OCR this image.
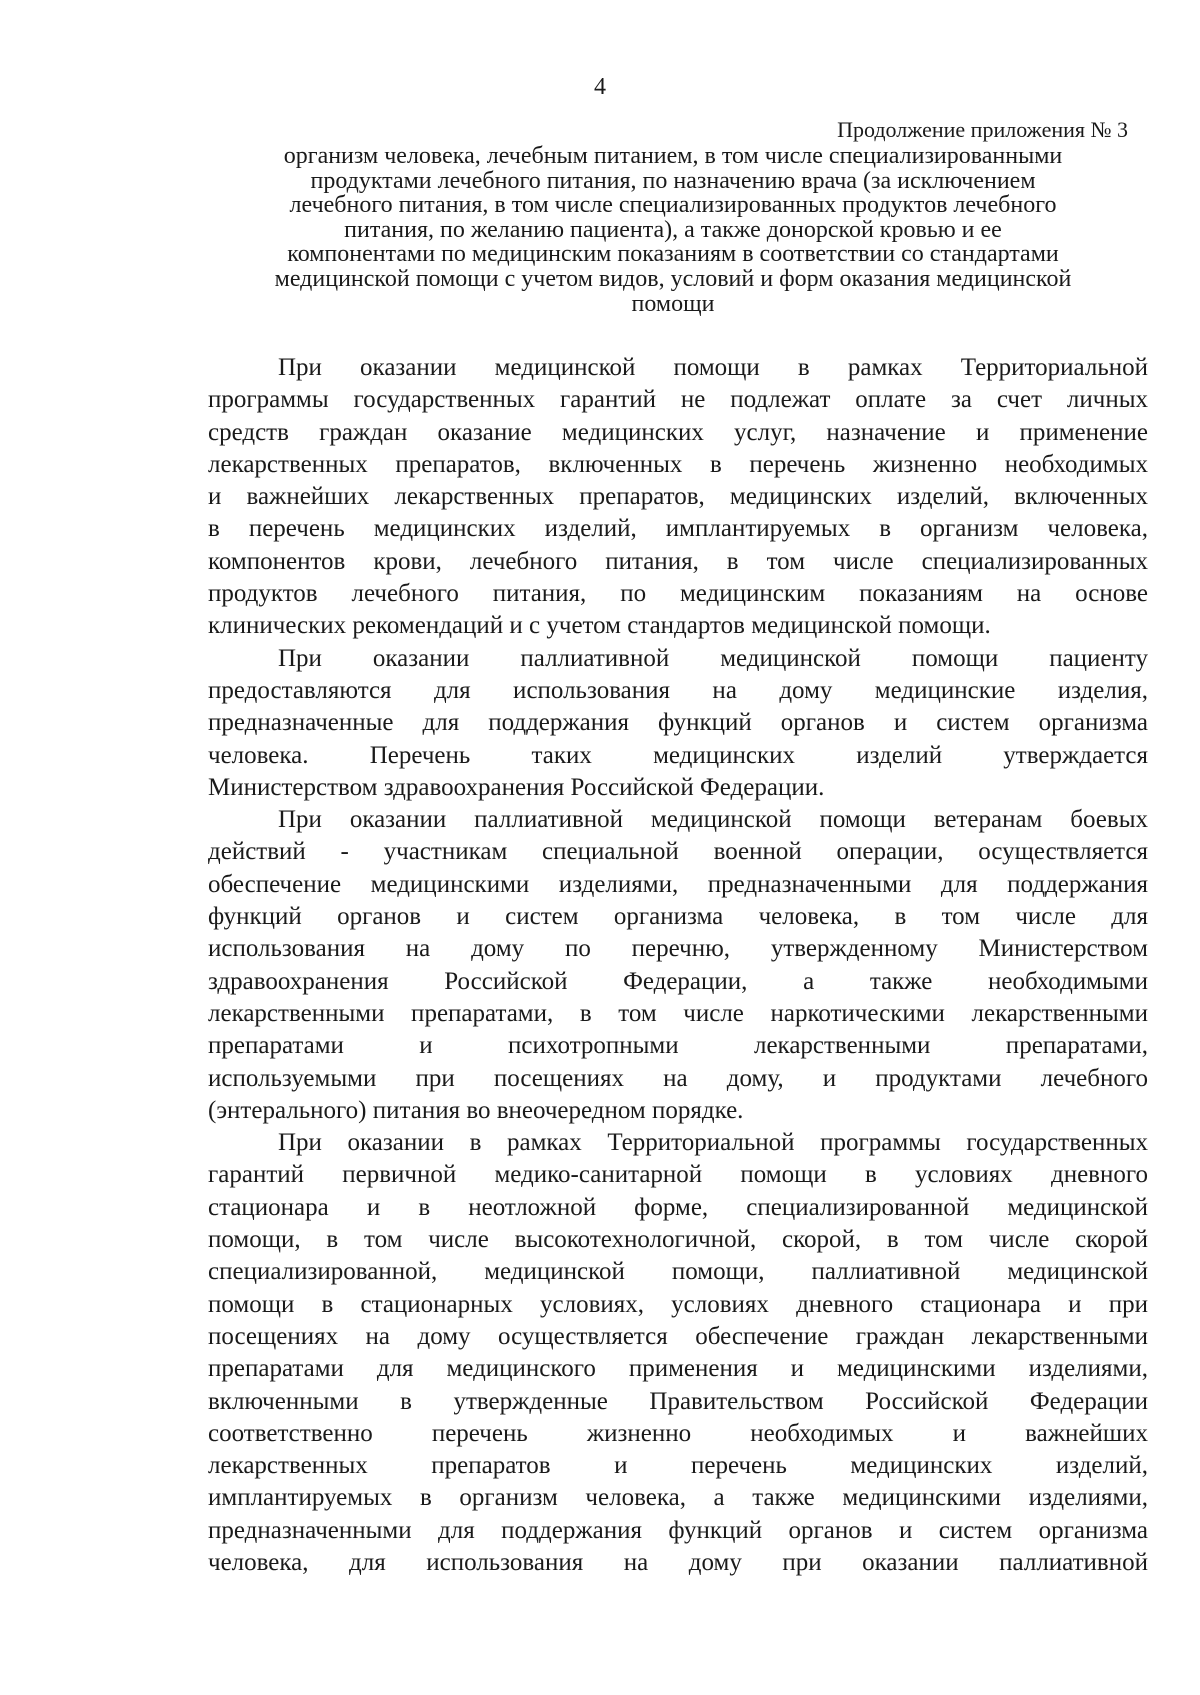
4
Продолжение приложения № 3
организм человека, лечебным питанием, в том числе специализированными
продуктами лечебного питания, по назначению врача (за исключением
лечебного питания, в том числе специализированных продуктов лечебного
питания, по желанию пациента), а также донорской кровью и ее
компонентами по медицинским показаниям в соответствии со стандартами
медицинской помощи с учетом видов, условий и форм оказания медицинской
помощи
При оказании медицинской помощи в рамках Территориальной
программы государственных гарантий не подлежат оплате за счет личных
средств граждан оказание медицинских услуг, назначение и применение
лекарственных препаратов, включенных в перечень жизненно необходимых
и важнейших лекарственных препаратов, медицинских изделий, включенных
в перечень медицинских изделий, имплантируемых в организм человека,
компонентов крови, лечебного питания, в том числе специализированных
продуктов лечебного питания, по медицинским показаниям на основе
клинических рекомендаций и с учетом стандартов медицинской помощи.
При оказании паллиативной медицинской помощи пациенту
предоставляются для использования на дому медицинские изделия,
предназначенные для поддержания функций органов и систем организма
человека. Перечень таких медицинских изделий утверждается
Министерством здравоохранения Российской Федерации.
При оказании паллиативной медицинской помощи ветеранам боевых
действий - участникам специальной военной операции, осуществляется
обеспечение медицинскими изделиями, предназначенными для поддержания
функций органов и систем организма человека, в том числе для
использования на дому по перечню, утвержденному Министерством
здравоохранения Российской Федерации, а также необходимыми
лекарственными препаратами, в том числе наркотическими лекарственными
препаратами и психотропными лекарственными препаратами,
используемыми при посещениях на дому, и продуктами лечебного
(энтерального) питания во внеочередном порядке.
При оказании в рамках Территориальной программы государственных
гарантий первичной медико-санитарной помощи в условиях дневного
стационара и в неотложной форме, специализированной медицинской
помощи, в том числе высокотехнологичной, скорой, в том числе скорой
специализированной, медицинской помощи, паллиативной медицинской
помощи в стационарных условиях, условиях дневного стационара и при
посещениях на дому осуществляется обеспечение граждан лекарственными
препаратами для медицинского применения и медицинскими изделиями,
включенными в утвержденные Правительством Российской Федерации
соответственно перечень жизненно необходимых и важнейших
лекарственных препаратов и перечень медицинских изделий,
имплантируемых в организм человека, а также медицинскими изделиями,
предназначенными для поддержания функций органов и систем организма
человека, для использования на дому при оказании паллиативной
